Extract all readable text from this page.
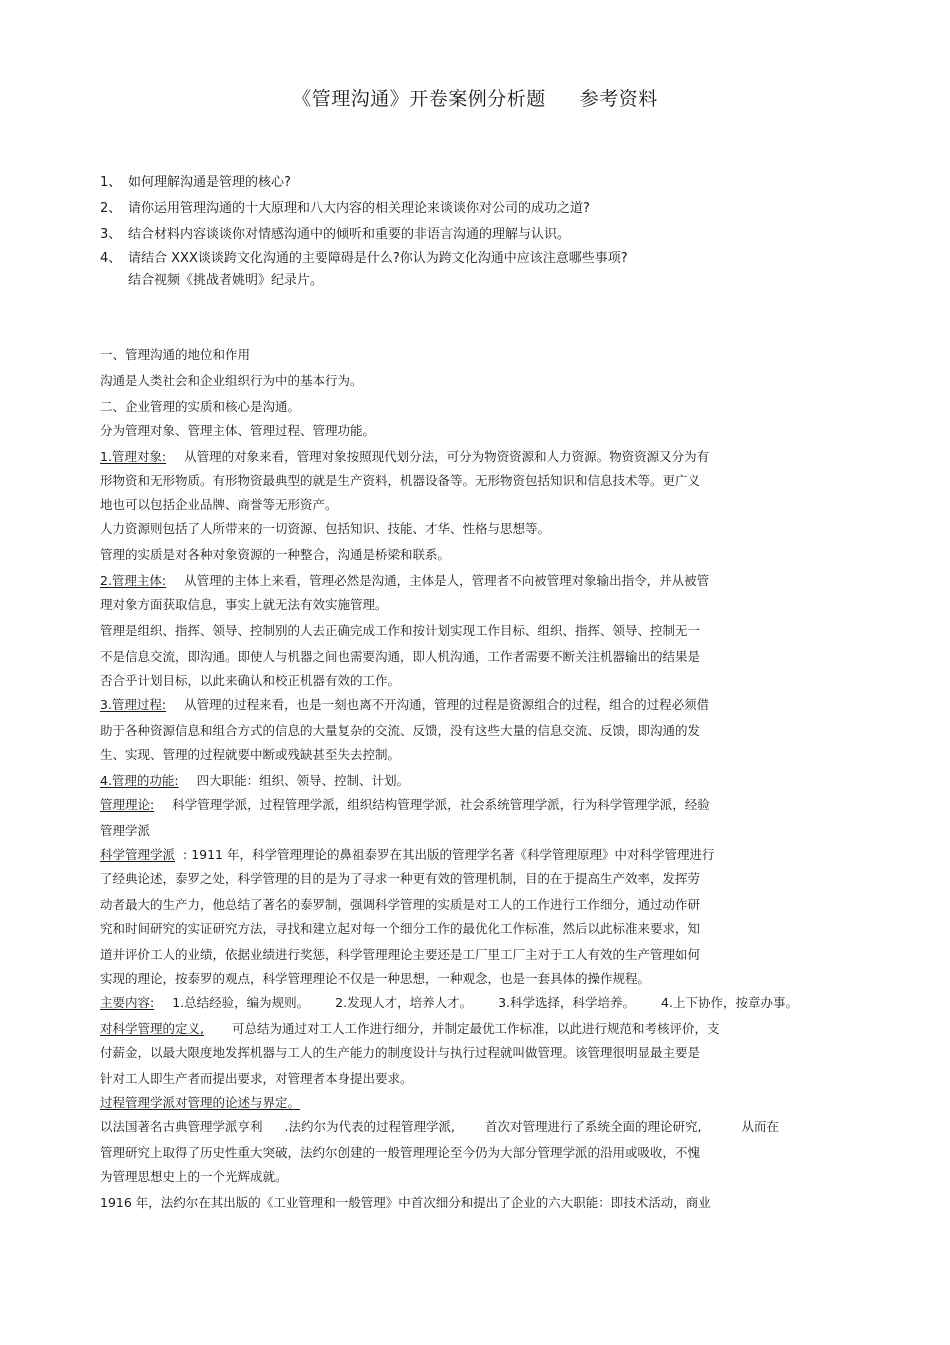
《管理沟通》开卷案例分析题 参考资料
1、 如何理解沟通是管理的核心?
2、 请你运用管理沟通的十大原理和八大内容的相关理论来谈谈你对公司的成功之道?
3、 结合材料内容谈谈你对情感沟通中的倾听和重要的非语言沟通的理解与认识。
4、 请结合 XXX谈谈跨文化沟通的主要障碍是什么?你认为跨文化沟通中应该注意哪些事项?
结合视频《挑战者姚明》纪录片。
一、管理沟通的地位和作用
沟通是人类社会和企业组织行为中的基本行为。
二、企业管理的实质和核心是沟通。
分为管理对象、管理主体、管理过程、管理功能。
1.管理对象: 从管理的对象来看，管理对象按照现代划分法，可分为物资资源和人力资源。物资资源又分为有
形物资和无形物质。有形物资最典型的就是生产资料，机器设备等。无形物资包括知识和信息技术等。更广义
地也可以包括企业品牌、商誉等无形资产。
人力资源则包括了人所带来的一切资源、包括知识、技能、才华、性格与思想等。
管理的实质是对各种对象资源的一种整合，沟通是桥梁和联系。
2.管理主体: 从管理的主体上来看，管理必然是沟通，主体是人，管理者不向被管理对象输出指令，并从被管
理对象方面获取信息，事实上就无法有效实施管理。
管理是组织、指挥、领导、控制别的人去正确完成工作和按计划实现工作目标、组织、指挥、领导、控制无一
不是信息交流，即沟通。即使人与机器之间也需要沟通，即人机沟通，工作者需要不断关注机器输出的结果是
否合乎计划目标，以此来确认和校正机器有效的工作。
3.管理过程: 从管理的过程来看，也是一刻也离不开沟通，管理的过程是资源组合的过程，组合的过程必须借
助于各种资源信息和组合方式的信息的大量复杂的交流、反馈，没有这些大量的信息交流、反馈，即沟通的发
生、实现、管理的过程就要中断或残缺甚至失去控制。
4.管理的功能: 四大职能：组织、领导、控制、计划。
管理理论: 科学管理学派，过程管理学派，组织结构管理学派，社会系统管理学派，行为科学管理学派，经验
管理学派
科学管理学派 : 1911 年，科学管理理论的鼻祖泰罗在其出版的管理学名著《科学管理原理》中对科学管理进行
了经典论述，泰罗之处，科学管理的目的是为了寻求一种更有效的管理机制，目的在于提高生产效率，发挥劳
动者最大的生产力，他总结了著名的泰罗制，强调科学管理的实质是对工人的工作进行工作细分，通过动作研
究和时间研究的实证研究方法，寻找和建立起对每一个细分工作的最优化工作标准，然后以此标准来要求，知
道并评价工人的业绩，依据业绩进行奖惩，科学管理理论主要还是工厂里工厂主对于工人有效的生产管理如何
实现的理论，按泰罗的观点，科学管理理论不仅是一种思想，一种观念，也是一套具体的操作规程。
主要内容: 1.总结经验，编为规则。 2.发现人才，培养人才。 3.科学选择，科学培养。 4.上下协作，按章办事。
对科学管理的定义, 可总结为通过对工人工作进行细分，并制定最优工作标准，以此进行规范和考核评价，支
付薪金，以最大限度地发挥机器与工人的生产能力的制度设计与执行过程就叫做管理。该管理很明显最主要是
针对工人即生产者而提出要求，对管理者本身提出要求。
过程管理学派对管理的论述与界定。
以法国著名古典管理学派亨利 .法约尔为代表的过程管理学派, 首次对管理进行了系统全面的理论研究,	从而在
管理研究上取得了历史性重大突破，法约尔创建的一般管理理论至今仍为大部分管理学派的沿用或吸收，不愧
为管理思想史上的一个光辉成就。
1916 年，法约尔在其出版的《工业管理和一般管理》中首次细分和提出了企业的六大职能：即技术活动，商业
